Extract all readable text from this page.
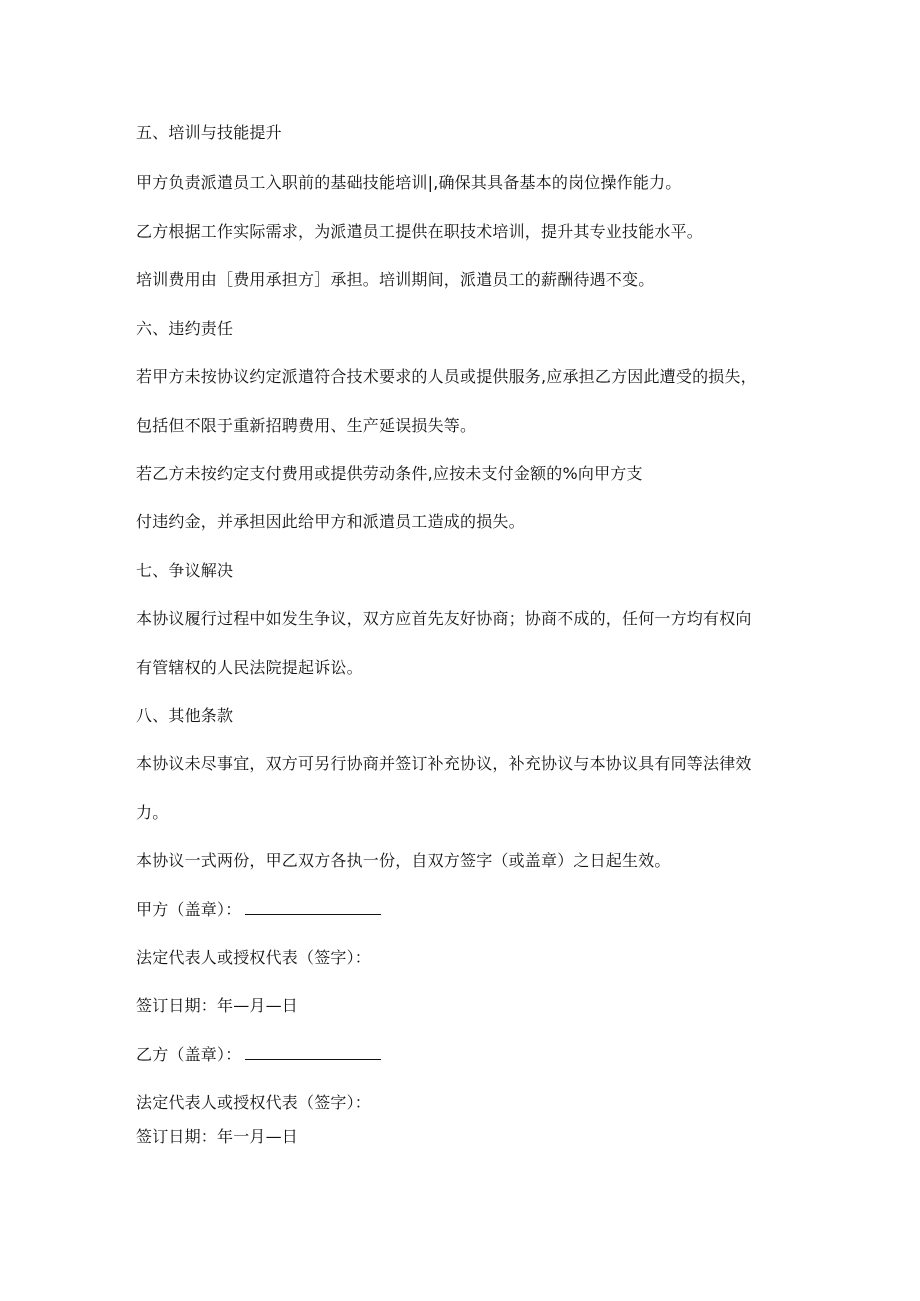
五、培训与技能提升
甲方负责派遣员工入职前的基础技能培训|,确保其具备基本的岗位操作能力。
乙方根据工作实际需求，为派遣员工提供在职技术培训，提升其专业技能水平。
培训费用由［费用承担方］承担。培训期间，派遣员工的薪酬待遇不变。
六、违约责任
若甲方未按协议约定派遣符合技术要求的人员或提供服务,应承担乙方因此遭受的损失，
包括但不限于重新招聘费用、生产延误损失等。
若乙方未按约定支付费用或提供劳动条件,应按未支付金额的%向甲方支
付违约金，并承担因此给甲方和派遣员工造成的损失。
七、争议解决
本协议履行过程中如发生争议，双方应首先友好协商；协商不成的，任何一方均有权向
有管辖权的人民法院提起诉讼。
八、其他条款
本协议未尽事宜，双方可另行协商并签订补充协议，补充协议与本协议具有同等法律效
力。
本协议一式两份，甲乙双方各执一份，自双方签字（或盖章）之日起生效。
甲方（盖章）：
法定代表人或授权代表（签字）：
签订日期：年—月—日
乙方（盖章）：
法定代表人或授权代表（签字）：
签订日期：年一月—日
